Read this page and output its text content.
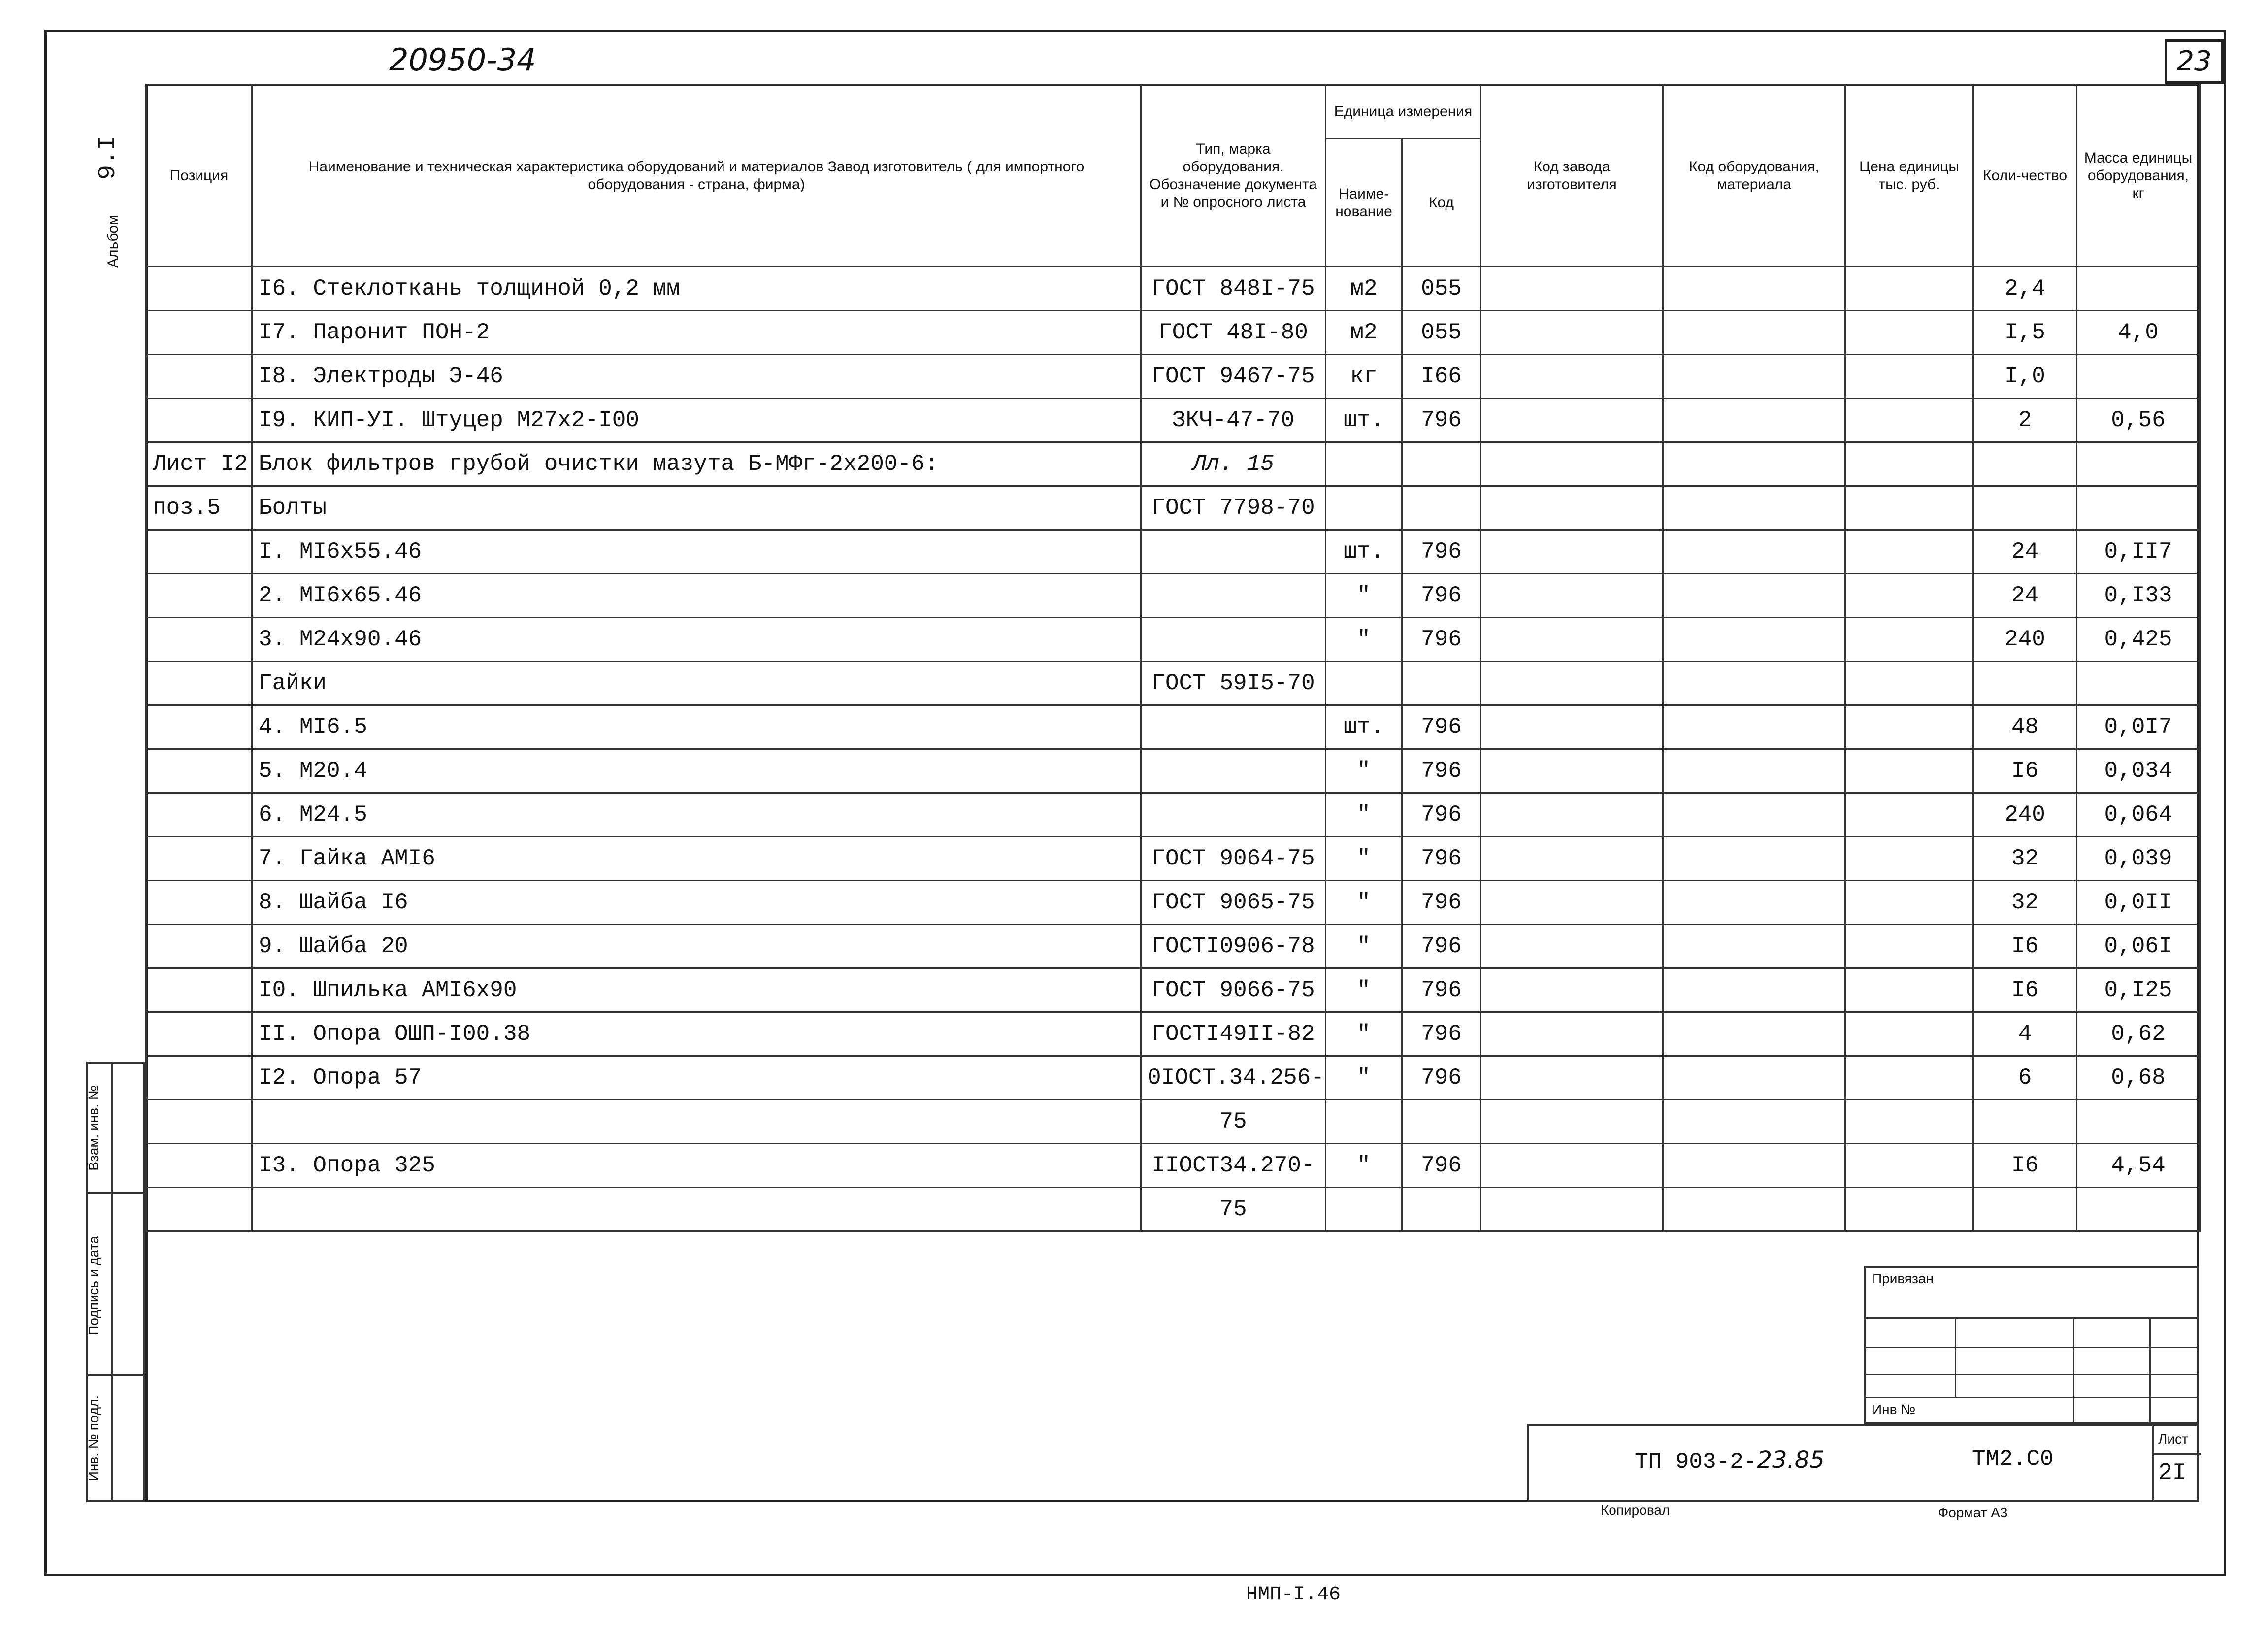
20950-34	23
Альбом
9.I	Позиция	Наименование и техническая характеристика оборудований и материалов Завод изготовитель ( для импортного оборудования - страна, фирма)	Тип, марка оборудования. Обозначение документа и № опросного листа	Единица измерения		Код завода изготовителя	Код оборудования, материала	Цена единицы тыс. руб.	Коли-чество	Масса единицы оборудования, кг
			Наиме-нование	Код					
	I6. Стеклоткань толщиной 0,2 мм	ГОСТ 848I-75	м2	055				2,4	
	I7. Паронит ПОН-2	ГОСТ 48I-80	м2	055				I,5	4,0
	I8. Электроды Э-46	ГОСТ 9467-75	кг	I66				I,0	
	I9. КИП-УI. Штуцер М27х2-I00	ЗКЧ-47-70	шт.	796				2	0,56
Лист I2	Блок фильтров грубой очистки мазута Б-МФг-2х200-6:	Лл. 15							
поз.5	Болты	ГОСТ 7798-70							
	I. МI6х55.46		шт.	796				24	0,II7
	2. МI6х65.46		"	796				24	0,I33
	3. М24х90.46		"	796				240	0,425
	Гайки	ГОСТ 59I5-70							
	4. МI6.5		шт.	796				48	0,0I7
	5. М20.4		"	796				I6	0,034
	6. М24.5		"	796				240	0,064
	7. Гайка АМI6	ГОСТ 9064-75	"	796				32	0,039
	8. Шайба I6	ГОСТ 9065-75	"	796				32	0,0II
	9. Шайба 20	ГОСТI0906-78	"	796				I6	0,06I
	I0. Шпилька АМI6х90	ГОСТ 9066-75	"	796				I6	0,I25
	II. Опора ОШП-I00.38	ГОСТI49II-82	"	796				4	0,62
	I2. Опора 57	0IОСТ.34.256-	"	796				6	0,68
		75							
	I3. Опора 325	IIОСТ34.270-	"	796				I6	4,54
		75							
Взам. инв. №
Подпись и дата
Инв. № подл.
Привязан
Инв №
ТП 903-2-23.85	ТМ2.С0
Лист
2I
Копировал	Формат А3
НМП-I.46
